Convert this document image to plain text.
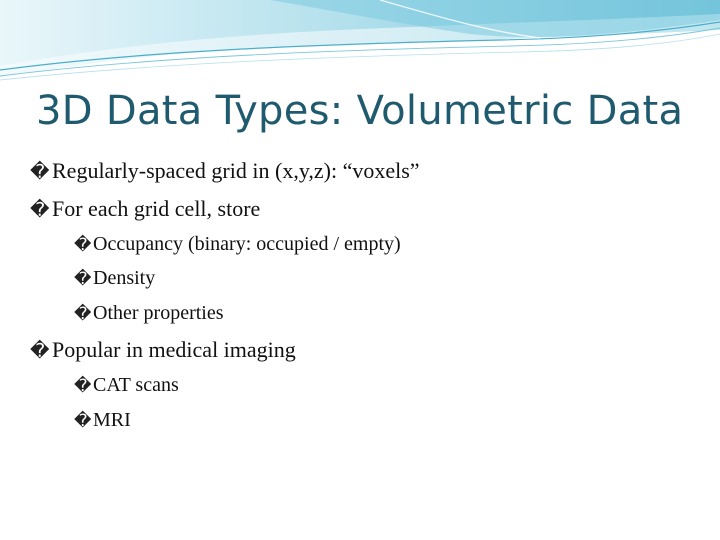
3D Data Types: Volumetric Data
� Regularly-spaced grid in (x,y,z): “voxels”
� For each grid cell, store
�Occupancy (binary: occupied / empty)
�Density
�Other properties
� Popular in medical imaging
�CAT scans
�MRI
